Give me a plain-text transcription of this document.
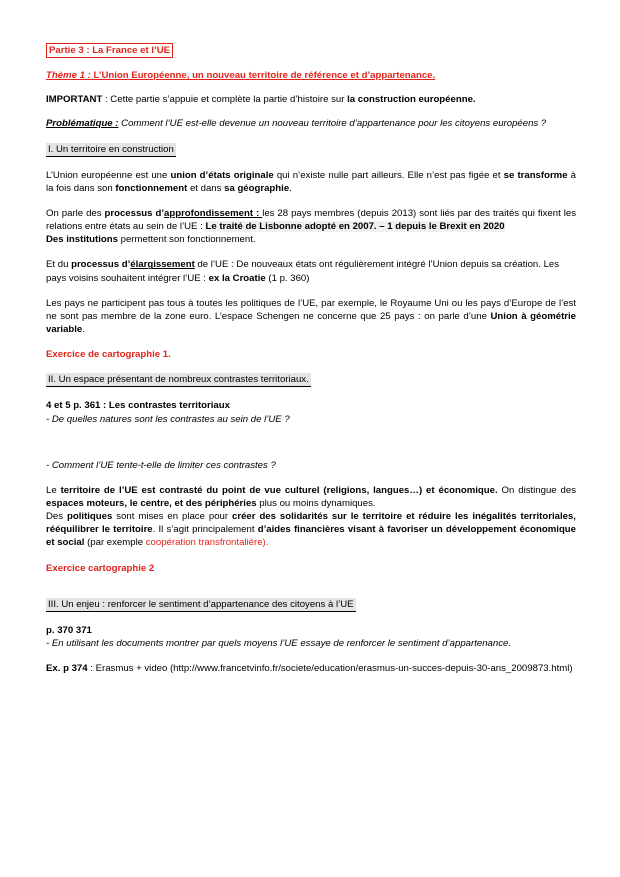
Partie 3 : La France et l’UE

Thème 1 : L’Union Européenne, un nouveau territoire de référence et d’appartenance.

IMPORTANT : Cette partie s’appuie et complète la partie d’histoire sur la construction européenne.

Problématique : Comment l’UE est-elle devenue un nouveau territoire d’appartenance pour les citoyens européens ?

I. Un territoire en construction

L’Union européenne est une union d’états originale qui n’existe nulle part ailleurs. Elle n’est pas figée et se transforme à la fois dans son fonctionnement et dans sa géographie.

On parle des processus d’approfondissement : les 28 pays membres (depuis 2013) sont liés par des traités qui fixent les relations entre états au sein de l’UE : Le traité de Lisbonne adopté en 2007. – 1 depuis le Brexit en 2020
Des institutions permettent son fonctionnement.

Et du processus d’élargissement de l’UE : De nouveaux états ont régulièrement intégré l’Union depuis sa création. Les pays voisins souhaitent intégrer l’UE : ex la Croatie (1 p. 360)

Les pays ne participent pas tous à toutes les politiques de l’UE, par exemple, le Royaume Uni ou les pays d’Europe de l’est ne sont pas membre de la zone euro. L’espace Schengen ne concerne que 25 pays : on parle d’une Union à géométrie variable.

Exercice de cartographie 1.

II. Un espace présentant de nombreux contrastes territoriaux.

4 et 5 p. 361 : Les contrastes territoriaux

- De quelles natures sont les contrastes au sein de l’UE ?

- Comment l’UE tente-t-elle de limiter ces contrastes ?

Le territoire de l’UE est contrasté du point de vue culturel (religions, langues…) et économique. On distingue des espaces moteurs, le centre, et des périphéries plus ou moins dynamiques.

Des politiques sont mises en place pour créer des solidarités sur le territoire et réduire les inégalités territoriales, rééquilibrer le territoire. Il s’agit principalement d’aides financières visant à favoriser un développement économique et social (par exemple coopération transfrontalière).

Exercice cartographie 2

III. Un enjeu : renforcer le sentiment d’appartenance des citoyens à l’UE

p. 370 371

- En utilisant les documents montrer par quels moyens l’UE essaye de renforcer le sentiment d’appartenance.

Ex. p 374 : Erasmus + video (http://www.francetvinfo.fr/societe/education/erasmus-un-succes-depuis-30-ans_2009873.html)
